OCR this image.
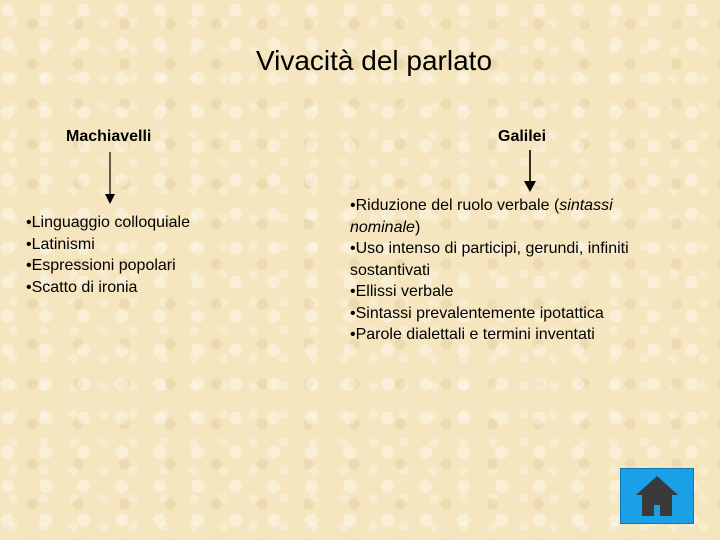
Vivacità del parlato
Machiavelli	Galilei
• Linguaggio colloquiale
• Latinismi
• Espressioni popolari
• Scatto di ironia
• Riduzione del ruolo verbale (sintassi nominale)
• Uso intenso di participi, gerundi, infiniti sostantivati
• Ellissi verbale
• Sintassi prevalentemente ipotattica
• Parole dialettali e termini inventati
